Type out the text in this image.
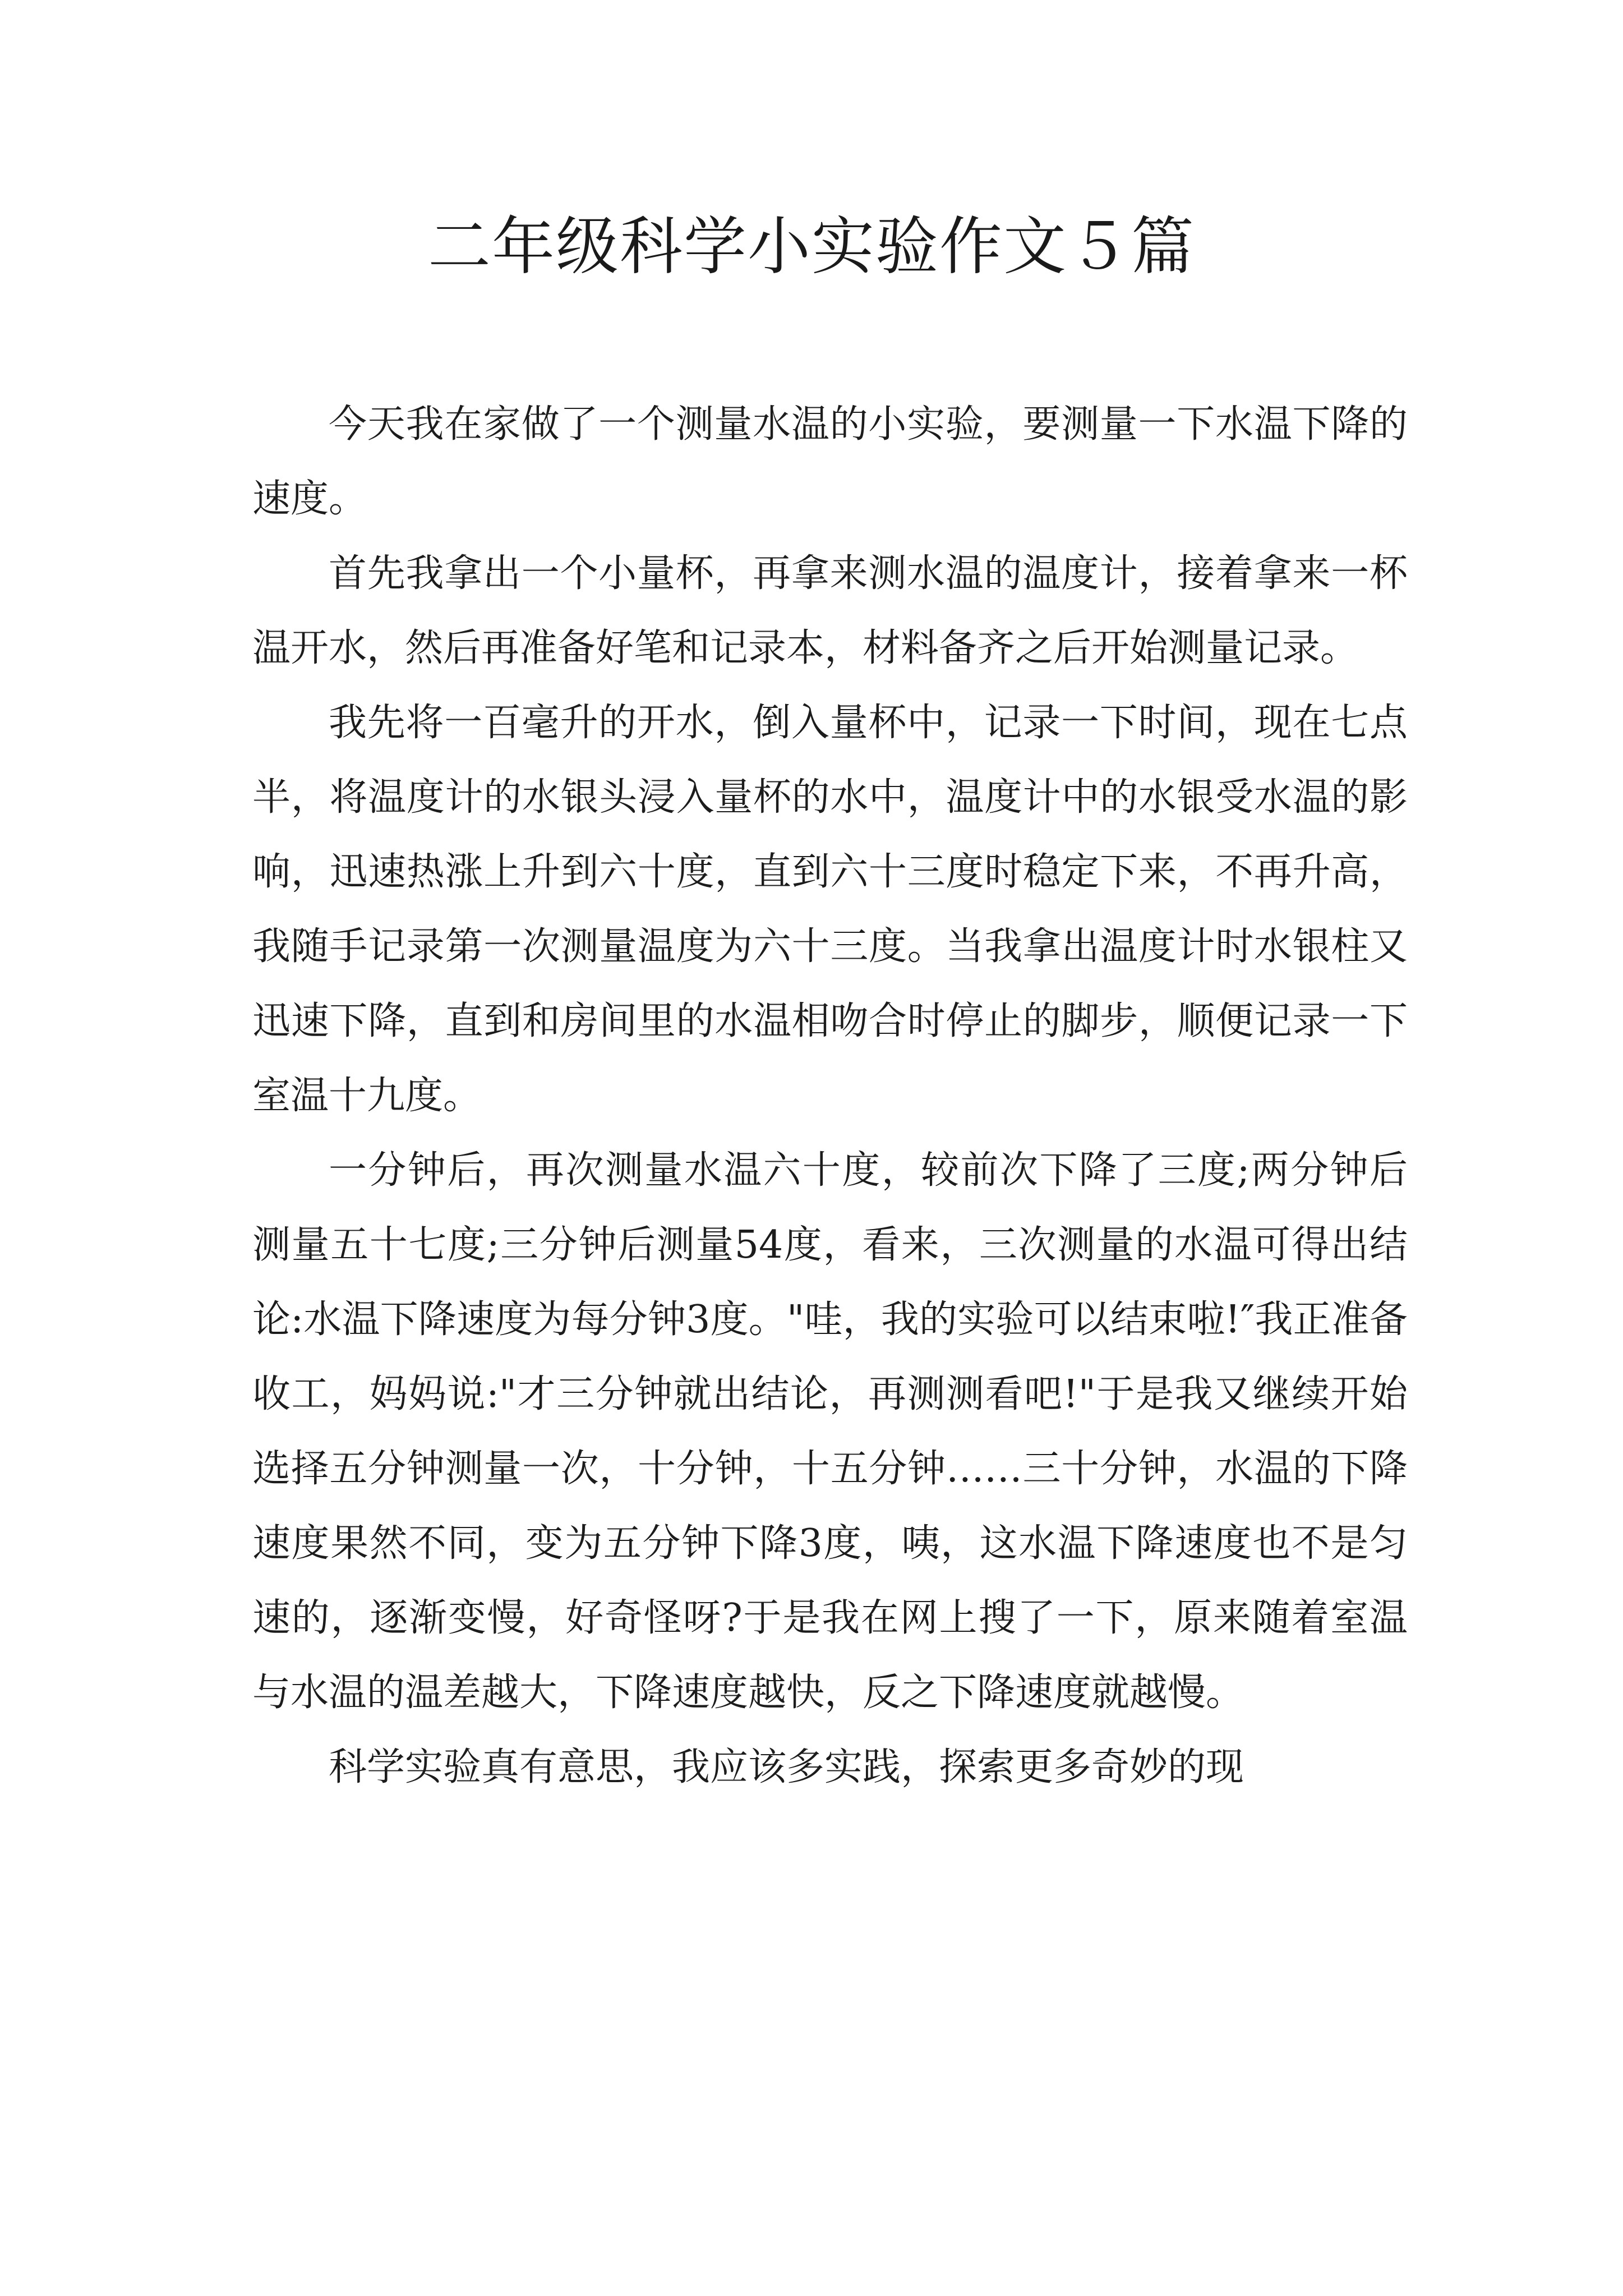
二年级科学小实验作文５篇

今天我在家做了一个测量水温的小实验，要测量一下水温下降的速度。

首先我拿出一个小量杯，再拿来测水温的温度计，接着拿来一杯温开水，然后再准备好笔和记录本，材料备齐之后开始测量记录。

我先将一百毫升的开水，倒入量杯中，记录一下时间，现在七点半，将温度计的水银头浸入量杯的水中，温度计中的水银受水温的影响，迅速热涨上升到六十度，直到六十三度时稳定下来，不再升高，我随手记录第一次测量温度为六十三度。当我拿出温度计时水银柱又迅速下降，直到和房间里的水温相吻合时停止的脚步，顺便记录一下室温十九度。

一分钟后，再次测量水温六十度，较前次下降了三度;两分钟后测量五十七度;三分钟后测量54度，看来，三次测量的水温可得出结论:水温下降速度为每分钟3度。"哇，我的实验可以结束啦!″我正准备收工，妈妈说:"才三分钟就出结论，再测测看吧!"于是我又继续开始选择五分钟测量一次，十分钟，十五分钟……三十分钟，水温的下降速度果然不同，变为五分钟下降3度，咦，这水温下降速度也不是匀速的，逐渐变慢，好奇怪呀?于是我在网上搜了一下，原来随着室温与水温的温差越大，下降速度越快，反之下降速度就越慢。

科学实验真有意思，我应该多实践，探索更多奇妙的现
